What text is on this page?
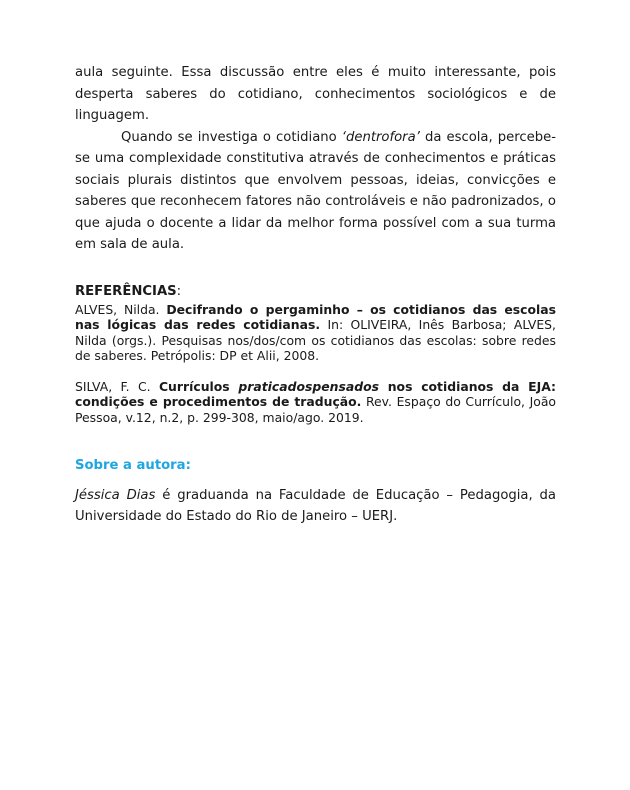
aula seguinte. Essa discussão entre eles é muito interessante, pois desperta saberes do cotidiano, conhecimentos sociológicos e de linguagem.

Quando se investiga o cotidiano ‘dentrofora’ da escola, percebe-se uma complexidade constitutiva através de conhecimentos e práticas sociais plurais distintos que envolvem pessoas, ideias, convicções e saberes que reconhecem fatores não controláveis e não padronizados, o que ajuda o docente a lidar da melhor forma possível com a sua turma em sala de aula.

REFERÊNCIAS:

ALVES, Nilda. Decifrando o pergaminho – os cotidianos das escolas nas lógicas das redes cotidianas. In: OLIVEIRA, Inês Barbosa; ALVES, Nilda (orgs.). Pesquisas nos/dos/com os cotidianos das escolas: sobre redes de saberes. Petrópolis: DP et Alii, 2008.

SILVA, F. C. Currículos praticadospensados nos cotidianos da EJA: condições e procedimentos de tradução. Rev. Espaço do Currículo, João Pessoa, v.12, n.2, p. 299-308, maio/ago. 2019.

Sobre a autora:

Jéssica Dias é graduanda na Faculdade de Educação – Pedagogia, da Universidade do Estado do Rio de Janeiro – UERJ.
